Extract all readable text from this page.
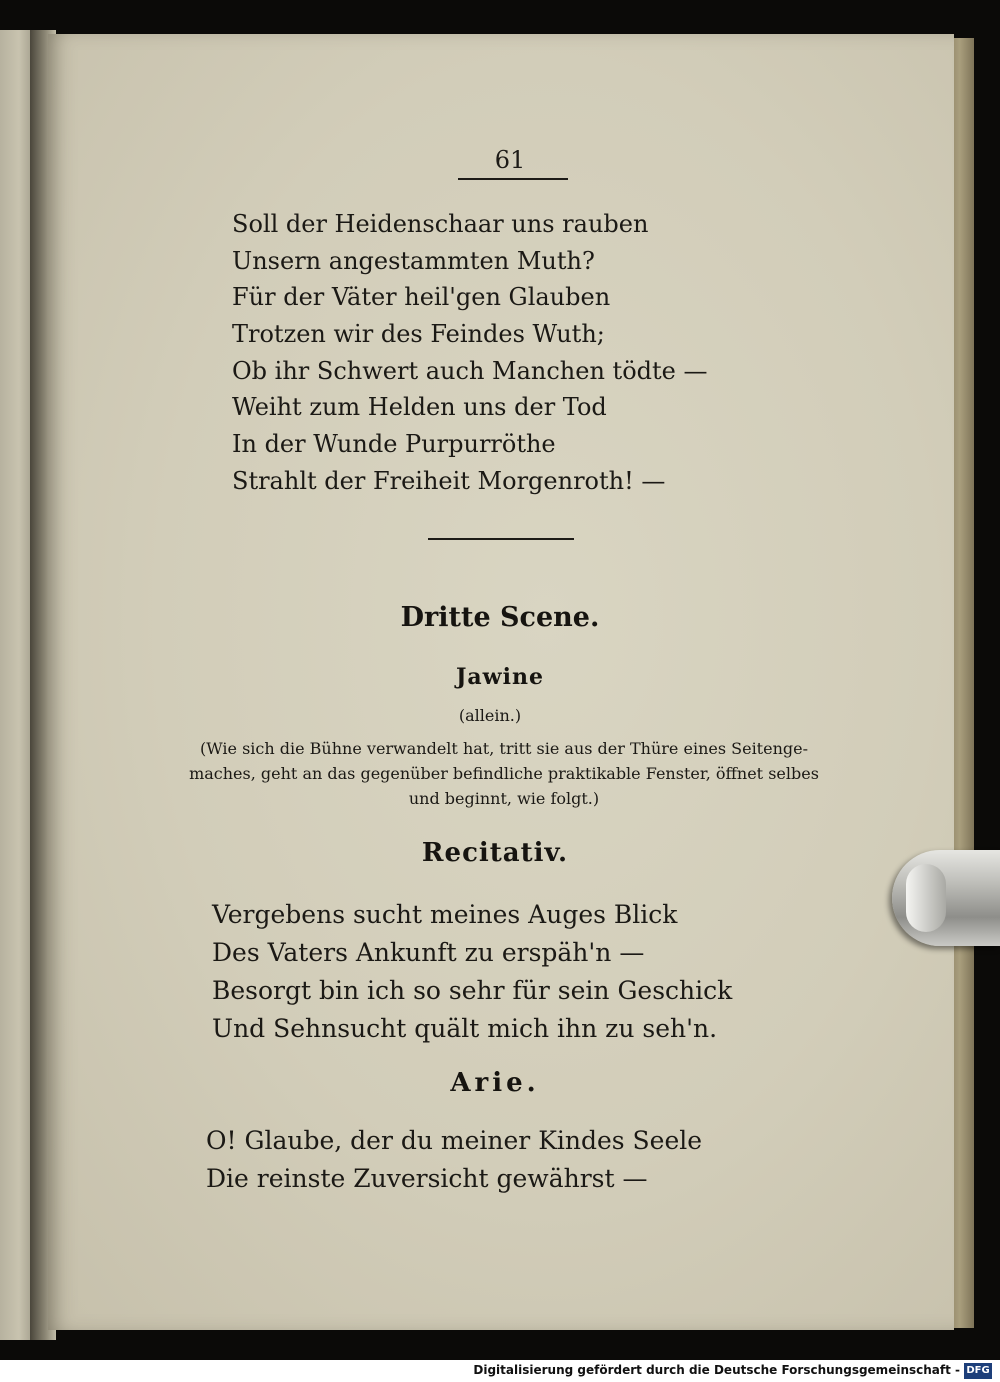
61
Soll der Heidenschaar uns rauben
Unsern angestammten Muth?
Für der Väter heil'gen Glauben
Trotzen wir des Feindes Wuth;
Ob ihr Schwert auch Manchen tödte —
Weiht zum Helden uns der Tod
In der Wunde Purpurröthe
Strahlt der Freiheit Morgenroth! —
Dritte Scene.
Jawine
(allein.)
(Wie sich die Bühne verwandelt hat, tritt sie aus der Thüre eines Seitenge-
maches, geht an das gegenüber befindliche praktikable Fenster, öffnet selbes
und beginnt, wie folgt.)
Recitativ.
Vergebens sucht meines Auges Blick
Des Vaters Ankunft zu erspäh'n —
Besorgt bin ich so sehr für sein Geschick
Und Sehnsucht quält mich ihn zu seh'n.
Arie.
O! Glaube, der du meiner Kindes Seele
Die reinste Zuversicht gewährst —
Digitalisierung gefördert durch die Deutsche Forschungsgemeinschaft - DFG
